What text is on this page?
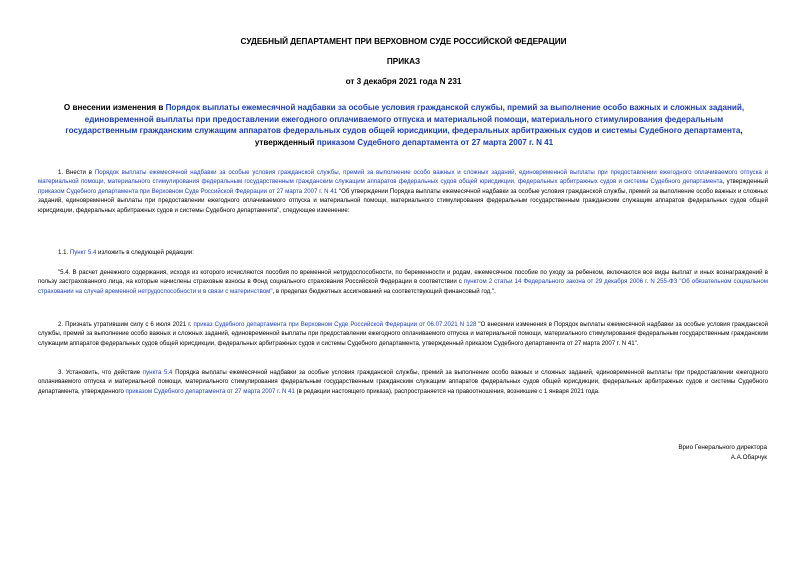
СУДЕБНЫЙ ДЕПАРТАМЕНТ ПРИ ВЕРХОВНОМ СУДЕ РОССИЙСКОЙ ФЕДЕРАЦИИ
ПРИКАЗ
от 3 декабря 2021 года N 231
О внесении изменения в Порядок выплаты ежемесячной надбавки за особые условия гражданской службы, премий за выполнение особо важных и сложных заданий, единовременной выплаты при предоставлении ежегодного оплачиваемого отпуска и материальной помощи, материального стимулирования федеральным государственным гражданским служащим аппаратов федеральных судов общей юрисдикции, федеральных арбитражных судов и системы Судебного департамента, утвержденный приказом Судебного департамента от 27 марта 2007 г. N 41
1. Внести в Порядок выплаты ежемесячной надбавки за особые условия гражданской службы, премий за выполнение особо важных и сложных заданий, единовременной выплаты при предоставлении ежегодного оплачиваемого отпуска и материальной помощи, материального стимулирования федеральным государственным гражданским служащим аппаратов федеральных судов общей юрисдикции, федеральных арбитражных судов и системы Судебного департамента, утвержденный приказом Судебного департамента при Верховном Суде Российской Федерации от 27 марта 2007 г. N 41 "Об утверждении Порядка выплаты ежемесячной надбавки за особые условия гражданской службы, премий за выполнение особо важных и сложных заданий, единовременной выплаты при предоставлении ежегодного оплачиваемого отпуска и материальной помощи, материального стимулирования федеральным государственным гражданским служащим аппаратов федеральных судов общей юрисдикции, федеральных арбитражных судов и системы Судебного департамента", следующее изменение:
1.1. Пункт 5.4 изложить в следующей редакции:
"5.4. В расчет денежного содержания, исходя из которого исчисляются пособия по временной нетрудоспособности, по беременности и родам, ежемесячное пособие по уходу за ребенком, включаются все виды выплат и иных вознаграждений в пользу застрахованного лица, на которые начислены страховые взносы в Фонд социального страхования Российской Федерации в соответствии с пунктом 2 статьи 14 Федерального закона от 29 декабря 2006 г. N 255-ФЗ "Об обязательном социальном страховании на случай временной нетрудоспособности и в связи с материнством", в пределах бюджетных ассигнований на соответствующий финансовый год.".
2. Признать утратившим силу с 6 июля 2021 г. приказ Судебного департамента при Верховном Суде Российской Федерации от 06.07.2021 N 128 "О внесении изменения в Порядок выплаты ежемесячной надбавки за особые условия гражданской службы, премий за выполнение особо важных и сложных заданий, единовременной выплаты при предоставлении ежегодного оплачиваемого отпуска и материальной помощи, материального стимулирования федеральным государственным гражданским служащим аппаратов федеральных судов общей юрисдикции, федеральных арбитражных судов и системы Судебного департамента, утвержденный приказом Судебного департамента от 27 марта 2007 г. N 41".
3. Установить, что действие пункта 5.4 Порядка выплаты ежемесячной надбавки за особые условия гражданской службы, премий за выполнение особо важных и сложных заданий, единовременной выплаты при предоставлении ежегодного оплачиваемого отпуска и материальной помощи, материального стимулирования федеральным государственным гражданским служащим аппаратов федеральных судов общей юрисдикции, федеральных арбитражных судов и системы Судебного департамента, утвержденного приказом Судебного департамента от 27 марта 2007 г. N 41 (в редакции настоящего приказа), распространяется на правоотношения, возникшие с 1 января 2021 года.
Врио Генерального директора
А.А.Обарчук
